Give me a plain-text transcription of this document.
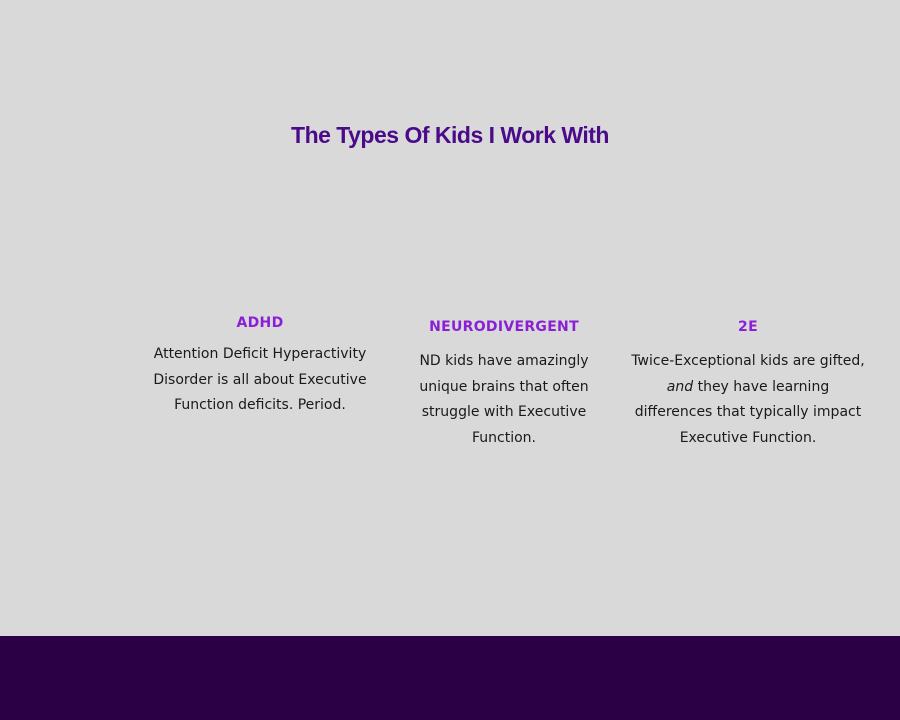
The Types Of Kids I Work With
ADHD

Attention Deficit Hyperactivity Disorder is all about Executive Function deficits. Period.

NEURODIVERGENT

ND kids have amazingly unique brains that often struggle with Executive Function.

2E

Twice-Exceptional kids are gifted, and they have learning differences that typically impact Executive Function.
